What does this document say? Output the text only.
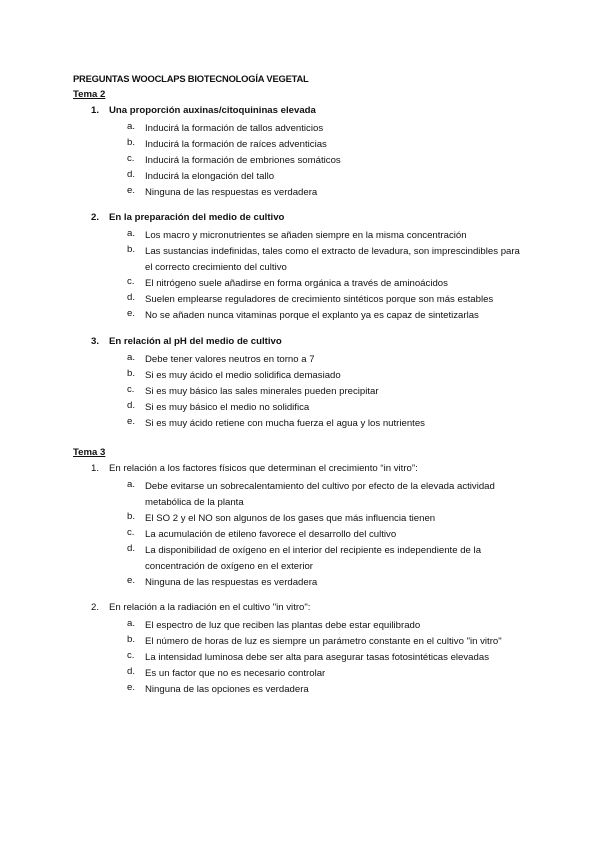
PREGUNTAS WOOCLAPS BIOTECNOLOGÍA VEGETAL
Tema 2
1. Una proporción auxinas/citoquininas elevada
a. Inducirá la formación de tallos adventicios
b. Inducirá la formación de raíces adventicias
c. Inducirá la formación de embriones somáticos
d. Inducirá la elongación del tallo
e. Ninguna de las respuestas es verdadera
2. En la preparación del medio de cultivo
a. Los macro y micronutrientes se añaden siempre en la misma concentración
b. Las sustancias indefinidas, tales como el extracto de levadura, son imprescindibles para el correcto crecimiento del cultivo
c. El nitrógeno suele añadirse en forma orgánica a través de aminoácidos
d. Suelen emplearse reguladores de crecimiento sintéticos porque son más estables
e. No se añaden nunca vitaminas porque el explanto ya es capaz de sintetizarlas
3. En relación al pH del medio de cultivo
a. Debe tener valores neutros en torno a 7
b. Si es muy ácido el medio solidifica demasiado
c. Si es muy básico las sales minerales pueden precipitar
d. Si es muy básico el medio no solidifica
e. Si es muy ácido retiene con mucha fuerza el agua y los nutrientes
Tema 3
1. En relación a los factores físicos que determinan el crecimiento “in vitro”:
a. Debe evitarse un sobrecalentamiento del cultivo por efecto de la elevada actividad metabólica de la planta
b. El SO 2 y el NO son algunos de los gases que más influencia tienen
c. La acumulación de etileno favorece el desarrollo del cultivo
d. La disponibilidad de oxígeno en el interior del recipiente es independiente de la concentración de oxígeno en el exterior
e. Ninguna de las respuestas es verdadera
2. En relación a la radiación en el cultivo "in vitro":
a. El espectro de luz que reciben las plantas debe estar equilibrado
b. El número de horas de luz es siempre un parámetro constante en el cultivo "in vitro"
c. La intensidad luminosa debe ser alta para asegurar tasas fotosintéticas elevadas
d. Es un factor que no es necesario controlar
e. Ninguna de las opciones es verdadera
